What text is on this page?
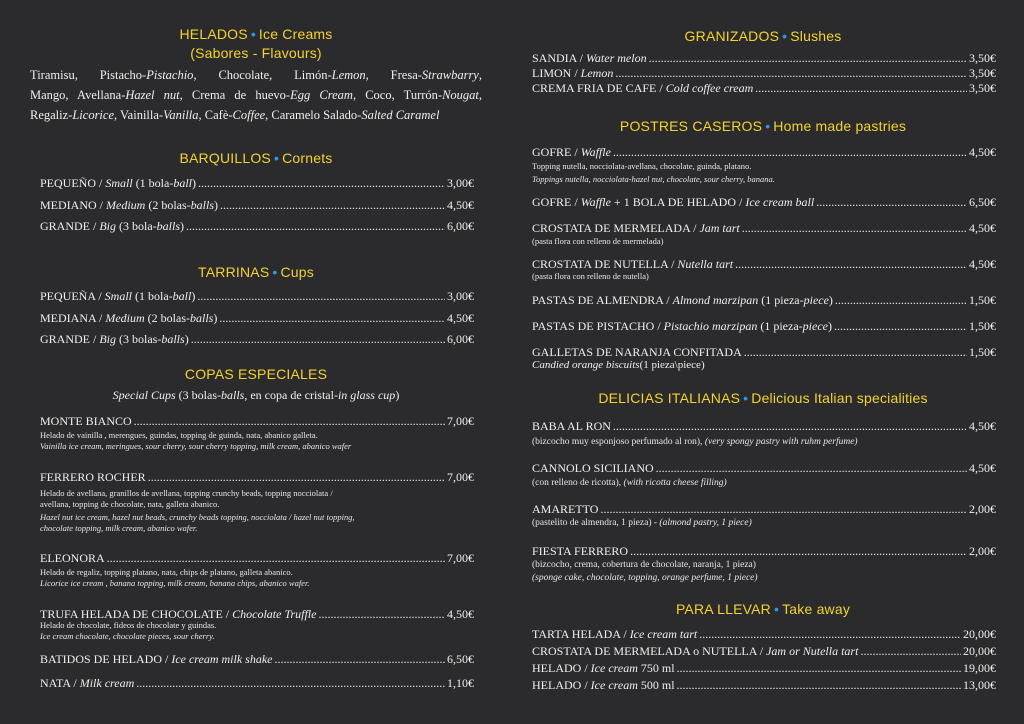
HELADOS • Ice Creams
(Sabores - Flavours)
Tiramisu, Pistacho-Pistachio, Chocolate, Limón-Lemon, Fresa-Strawbarry,
Mango, Avellana-Hazel nut, Crema de huevo-Egg Cream, Coco, Turrón-Nougat,
Regaliz-Licorice, Vainilla-Vanilla, Cafè-Coffee, Caramelo Salado-Salted Caramel
BARQUILLOS • Cornets
PEQUEÑO / Small (1 bola-ball) .....	3,00€
MEDIANO / Medium (2 bolas-balls) .....	4,50€
GRANDE / Big (3 bola-balls) .....	6,00€
TARRINAS • Cups
PEQUEÑA / Small (1 bola-ball) .....	3,00€
MEDIANA / Medium (2 bolas-balls) .....	4,50€
GRANDE / Big (3 bolas-balls) .....	6,00€
COPAS ESPECIALES
Special Cups (3 bolas-balls, en copa de cristal-in glass cup)
MONTE BIANCO .....	7,00€
Helado de vainilla , merengues, guindas, topping de guinda, nata, abanico galleta.
Vainilla ice cream, meringues, sour cherry, sour cherry topping, milk cream, abanico wafer
FERRERO ROCHER .....	7,00€
Helado de avellana, granillos de avellana, topping crunchy beads, topping nocciolata /
avellana, topping de chocolate, nata, galleta abanico.
Hazel nut ice cream, hazel nut beads, crunchy beads topping, nocciolata / hazel nut topping,
chocolate topping, milk cream, abanico wafer.
ELEONORA .....	7,00€
Helado de regaliz, topping platano, nata, chips de platano, galleta abanico.
Licorice ice cream , banana topping, milk cream, banana chips, abanico wafer.
TRUFA HELADA DE CHOCOLATE / Chocolate Truffle .....	4,50€
Helado de chocolate, fideos de chocolate y guindas.
Ice cream chocolate, chocolate pieces, sour cherry.
BATIDOS DE HELADO / Ice cream milk shake .....	6,50€
NATA / Milk cream .....	1,10€
GRANIZADOS • Slushes
SANDIA / Water melon .....	3,50€
LIMON / Lemon .....	3,50€
CREMA FRIA DE CAFE / Cold coffee cream .....	3,50€
POSTRES CASEROS • Home made pastries
GOFRE / Waffle .....	4,50€
Topping nutella, nocciolata-avellana, chocolate, guinda, platano.
Toppings nutella, nocciolata-hazel nut, chocolate, sour cherry, banana.
GOFRE / Waffle + 1 BOLA DE HELADO / Ice cream ball .....	6,50€
CROSTATA DE MERMELADA / Jam tart .....	4,50€
(pasta flora con relleno de mermelada)
CROSTATA DE NUTELLA / Nutella tart .....	4,50€
(pasta flora con relleno de nutella)
PASTAS DE ALMENDRA / Almond marzipan (1 pieza-piece) .....	1,50€
PASTAS DE PISTACHO / Pistachio marzipan (1 pieza-piece) .....	1,50€
GALLETAS DE NARANJA CONFITADA .....	1,50€
Candied orange biscuits (1 pieza\piece)
DELICIAS ITALIANAS • Delicious Italian specialities
BABA AL RON .....	4,50€
(bizcocho muy esponjoso perfumado al ron), (very spongy pastry with ruhm perfume)
CANNOLO SICILIANO .....	4,50€
(con relleno de ricotta), (with ricotta cheese filling)
AMARETTO .....	2,00€
(pastelito de almendra, 1 pieza) - (almond pastry, 1 piece)
FIESTA FERRERO .....	2,00€
(bizcocho, crema, cobertura de chocolate, naranja, 1 pieza)
(sponge cake, chocolate, topping, orange perfume, 1 piece)
PARA LLEVAR • Take away
TARTA HELADA / Ice cream tart .....	20,00€
CROSTATA DE MERMELADA o NUTELLA / Jam or Nutella tart .....	20,00€
HELADO / Ice cream 750 ml .....	19,00€
HELADO / Ice cream 500 ml .....	13,00€
